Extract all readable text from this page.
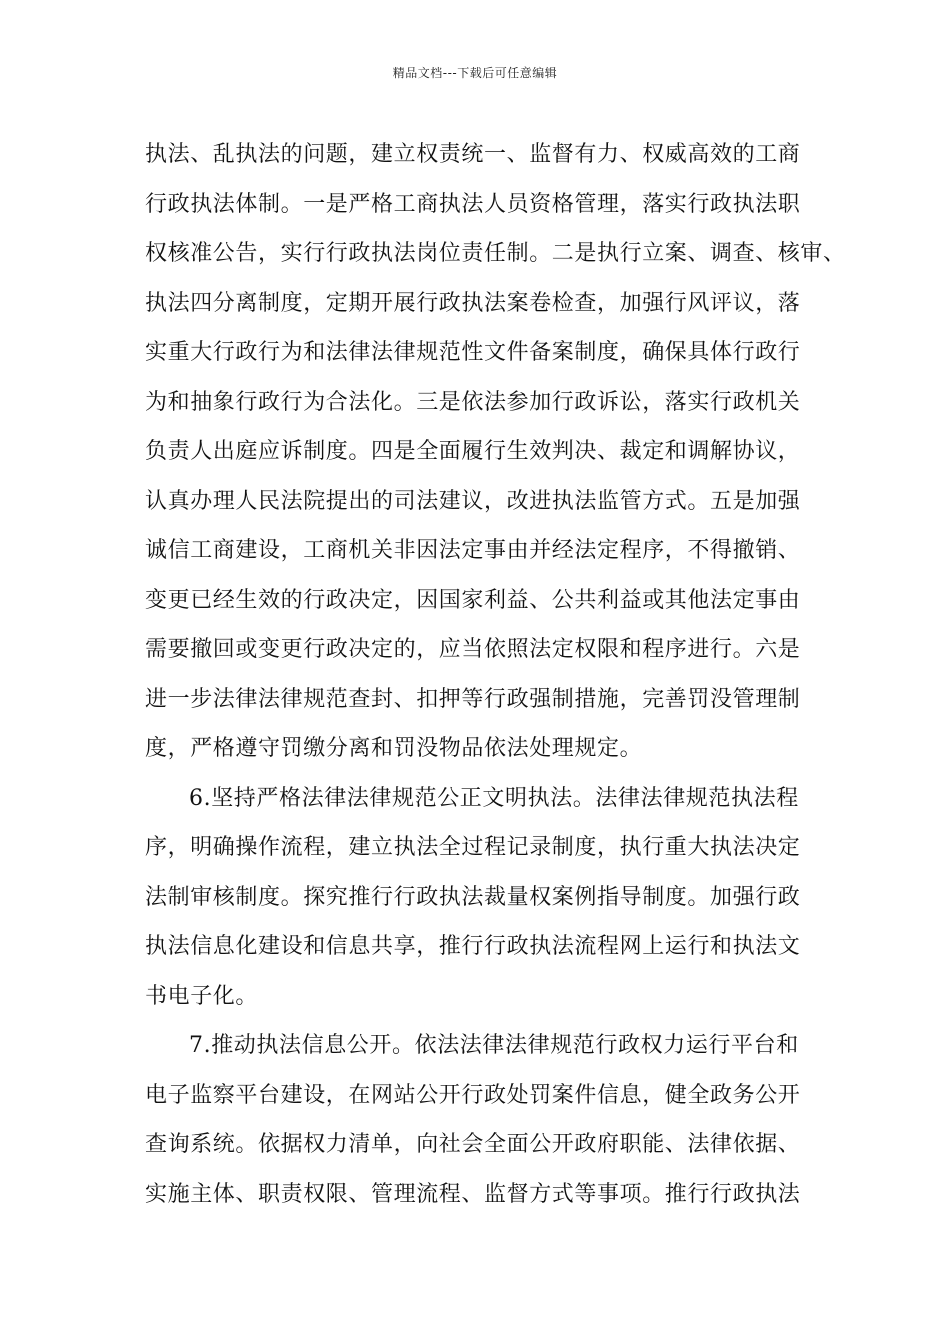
精品文档---下载后可任意编辑
执法、乱执法的问题，建立权责统一、监督有力、权威高效的工商
行政执法体制。一是严格工商执法人员资格管理，落实行政执法职
权核准公告，实行行政执法岗位责任制。二是执行立案、调查、核审、
执法四分离制度，定期开展行政执法案卷检查，加强行风评议，落
实重大行政行为和法律法律规范性文件备案制度，确保具体行政行
为和抽象行政行为合法化。三是依法参加行政诉讼，落实行政机关
负责人出庭应诉制度。四是全面履行生效判决、裁定和调解协议，
认真办理人民法院提出的司法建议，改进执法监管方式。五是加强
诚信工商建设，工商机关非因法定事由并经法定程序，不得撤销、
变更已经生效的行政决定，因国家利益、公共利益或其他法定事由
需要撤回或变更行政决定的，应当依照法定权限和程序进行。六是
进一步法律法律规范查封、扣押等行政强制措施，完善罚没管理制
度，严格遵守罚缴分离和罚没物品依法处理规定。
6.坚持严格法律法律规范公正文明执法。法律法律规范执法程
序，明确操作流程，建立执法全过程记录制度，执行重大执法决定
法制审核制度。探究推行行政执法裁量权案例指导制度。加强行政
执法信息化建设和信息共享，推行行政执法流程网上运行和执法文
书电子化。
7.推动执法信息公开。依法法律法律规范行政权力运行平台和
电子监察平台建设，在网站公开行政处罚案件信息，健全政务公开
查询系统。依据权力清单，向社会全面公开政府职能、法律依据、
实施主体、职责权限、管理流程、监督方式等事项。推行行政执法
